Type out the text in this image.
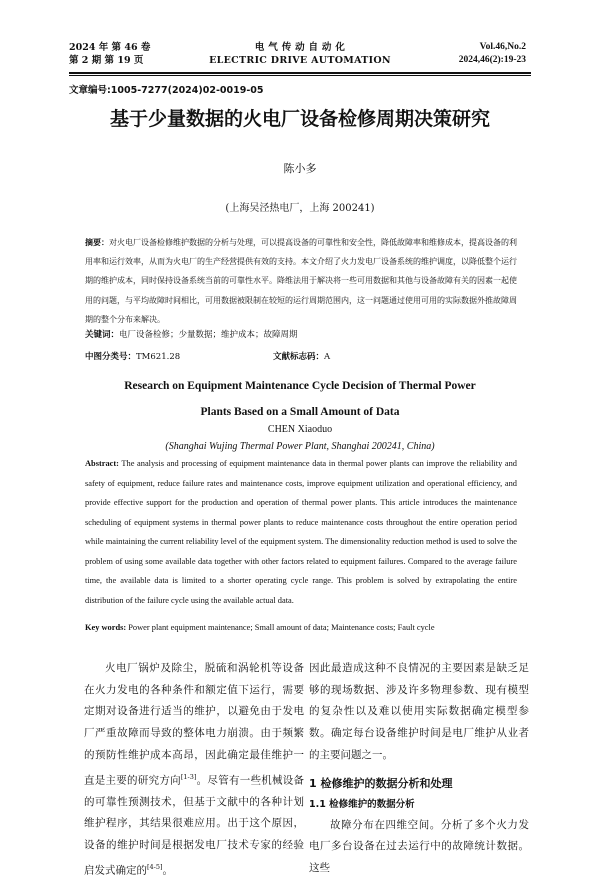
2024 年 第 46 卷
第 2 期 第 19 页
电 气 传 动 自 动 化
ELECTRIC DRIVE AUTOMATION
Vol.46,No.2
2024,46(2):19-23
文章编号:1005-7277(2024)02-0019-05
基于少量数据的火电厂设备检修周期决策研究
陈小多
(上海吴泾热电厂，上海 200241)
摘要：对火电厂设备检修维护数据的分析与处理，可以提高设备的可靠性和安全性，降低故障率和维修成本，提高设备的利用率和运行效率，从而为火电厂的生产经营提供有效的支持。本文介绍了火力发电厂设备系统的维护调度，以降低整个运行期的维护成本，同时保持设备系统当前的可靠性水平。降维法用于解决将一些可用数据和其他与设备故障有关的因素一起使用的问题，与平均故障时间相比，可用数据被限制在较短的运行周期范围内，这一问题通过使用可用的实际数据外推故障周期的整个分布来解决。
关键词：电厂设备检修；少量数据；维护成本；故障周期
中图分类号：TM621.28	文献标志码：A
Research on Equipment Maintenance Cycle Decision of Thermal Power
Plants Based on a Small Amount of Data
CHEN Xiaoduo
(Shanghai Wujing Thermal Power Plant, Shanghai 200241, China)
Abstract: The analysis and processing of equipment maintenance data in thermal power plants can improve the reliability and safety of equipment, reduce failure rates and maintenance costs, improve equipment utilization and operational efficiency, and provide effective support for the production and operation of thermal power plants. This article introduces the maintenance scheduling of equipment systems in thermal power plants to reduce maintenance costs throughout the entire operation period while maintaining the current reliability level of the equipment system. The dimensionality reduction method is used to solve the problem of using some available data together with other factors related to equipment failures. Compared to the average failure time, the available data is limited to a shorter operating cycle range. This problem is solved by extrapolating the entire distribution of the failure cycle using the available actual data.
Key words: Power plant equipment maintenance; Small amount of data; Maintenance costs; Fault cycle
火电厂锅炉及除尘，脱硫和涡轮机等设备在火力发电的各种条件和额定值下运行，需要定期对设备进行适当的维护，以避免由于发电厂严重故障而导致的整体电力崩溃。由于频繁的预防性维护成本高昂，因此确定最佳维护一直是主要的研究方向[1-3]。尽管有一些机械设备的可靠性预测技术，但基于文献中的各种计划维护程序，其结果很难应用。出于这个原因，设备的维护时间是根据发电厂技术专家的经验启发式确定的[4-5]。
因此最造成这种不良情况的主要因素是缺乏足够的现场数据、涉及许多物理参数、现有模型的复杂性以及难以使用实际数据确定模型参数。确定每台设备维护时间是电厂维护从业者的主要问题之一。
1 检修维护的数据分析和处理
1.1 检修维护的数据分析

故障分布在四维空间。分析了多个火力发电厂多台设备在过去运行中的故障统计数据。这些
